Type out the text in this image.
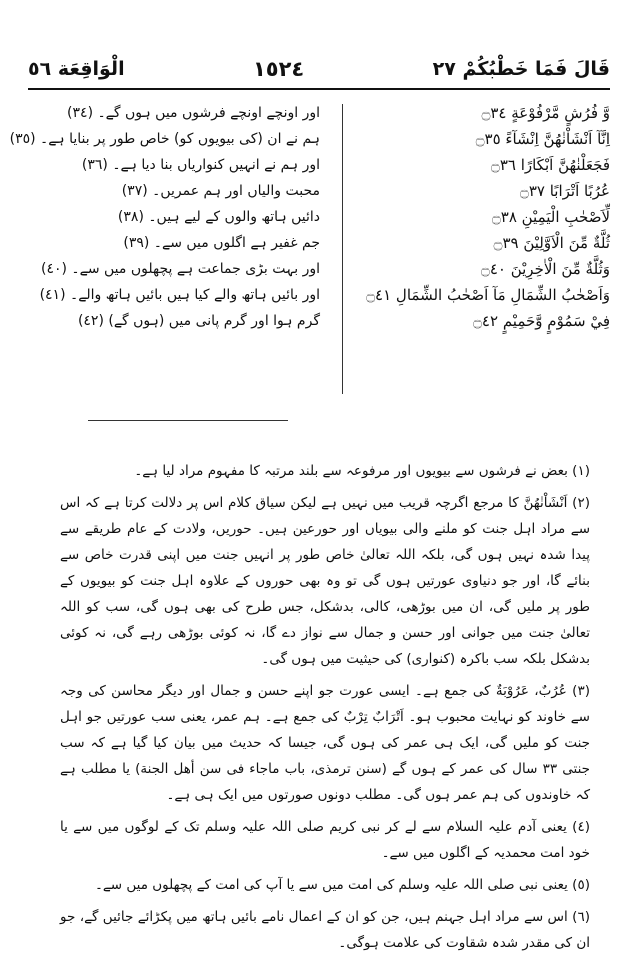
قَالَ فَمَا خَطْبُكُمْ ٢٧
١٥٢٤
الْوَاقِعَة ٥٦
وَّ فُرُشٍ مَّرْفُوْعَةٍ ۝٣٤
اِنَّآ اَنْشَاْنٰهُنَّ اِنْشَآءً ۝٣٥
فَجَعَلْنٰهُنَّ اَبْكَارًا ۝٣٦
عُرُبًا اَتْرَابًا ۝٣٧
لِّاَصْحٰبِ الْيَمِيْنِ ۝٣٨
ثُلَّةٌ مِّنَ الْاَوَّلِيْنَ ۝٣٩
وَثُلَّةٌ مِّنَ الْاٰخِرِيْنَ ۝٤٠
وَاَصْحٰبُ الشِّمَالِ مَآ اَصْحٰبُ الشِّمَالِ ۝٤١
فِيْ سَمُوْمٍ وَّحَمِيْمٍ ۝٤٢
اور اونچے اونچے فرشوں میں ہوں گے۔ (٣٤)
ہم نے ان (کی بیویوں کو) خاص طور پر بنایا ہے۔ (٣٥)
اور ہم نے انہیں کنواریاں بنا دیا ہے۔ (٣٦)
محبت والیاں اور ہم عمریں۔ (٣٧)
دائیں ہاتھ والوں کے لیے ہیں۔ (٣٨)
جم غفیر ہے اگلوں میں سے۔ (٣٩)
اور بہت بڑی جماعت ہے پچھلوں میں سے۔ (٤٠)
اور بائیں ہاتھ والے کیا ہیں بائیں ہاتھ والے۔ (٤١)
گرم ہوا اور گرم پانی میں (ہوں گے) (٤٢)
(١) بعض نے فرشوں سے بیویوں اور مرفوعہ سے بلند مرتبہ کا مفہوم مراد لیا ہے۔
(٢) اَنْشَاْنٰهُنَّ کا مرجع اگرچہ قریب میں نہیں ہے لیکن سیاق کلام اس پر دلالت کرتا ہے کہ اس سے مراد اہل جنت کو ملنے والی بیویاں اور حورعین ہیں۔ حوریں، ولادت کے عام طریقے سے پیدا شدہ نہیں ہوں گی، بلکہ اللہ تعالیٰ خاص طور پر انہیں جنت میں اپنی قدرت خاص سے بنائے گا، اور جو دنیاوی عورتیں ہوں گی تو وہ بھی حوروں کے علاوہ اہل جنت کو بیویوں کے طور پر ملیں گی، ان میں بوڑھی، کالی، بدشکل، جس طرح کی بھی ہوں گی، سب کو اللہ تعالیٰ جنت میں جوانی اور حسن و جمال سے نواز دے گا، نہ کوئی بوڑھی رہے گی، نہ کوئی بدشکل بلکہ سب باکرہ (کنواری) کی حیثیت میں ہوں گی۔
(٣) عُرُبٌ، عَرُوْبَةٌ کی جمع ہے۔ ایسی عورت جو اپنے حسن و جمال اور دیگر محاسن کی وجہ سے خاوند کو نہایت محبوب ہو۔ اَتْرَابٌ تِرْبٌ کی جمع ہے۔ ہم عمر، یعنی سب عورتیں جو اہل جنت کو ملیں گی، ایک ہی عمر کی ہوں گی، جیسا کہ حدیث میں بیان کیا گیا ہے کہ سب جنتی ۳۳ سال کی عمر کے ہوں گے (سنن ترمذی، باب ماجاء فی سن أهل الجنة) یا مطلب ہے کہ خاوندوں کی ہم عمر ہوں گی۔ مطلب دونوں صورتوں میں ایک ہی ہے۔
(٤) یعنی آدم علیہ السلام سے لے کر نبی کریم صلی اللہ علیہ وسلم تک کے لوگوں میں سے یا خود امت محمدیہ کے اگلوں میں سے۔
(٥) یعنی نبی صلی اللہ علیہ وسلم کی امت میں سے یا آپ کی امت کے پچھلوں میں سے۔
(٦) اس سے مراد اہل جہنم ہیں، جن کو ان کے اعمال نامے بائیں ہاتھ میں پکڑائے جائیں گے، جو ان کی مقدر شدہ شقاوت کی علامت ہوگی۔
